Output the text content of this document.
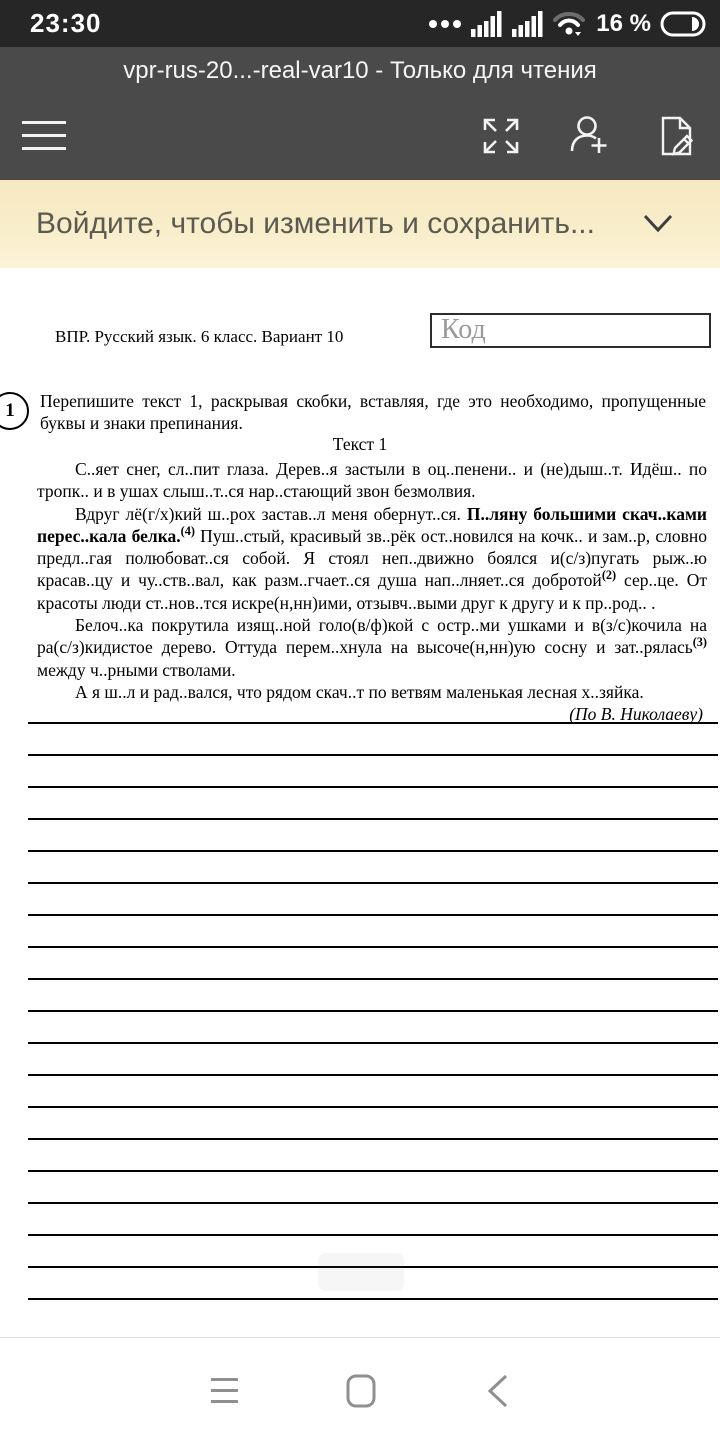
23:30	16 %
vpr-rus-20...-real-var10 - Только для чтения
Войдите, чтобы изменить и сохранить...
ВПР. Русский язык. 6 класс. Вариант 10	Код
1	Перепишите текст 1, раскрывая скобки, вставляя, где это необходимо, пропущенные буквы и знаки препинания.
Текст 1

С..яет снег, сл..пит глаза. Дерев..я застыли в оц..пенени.. и (не)дыш..т. Идёш.. по тропк.. и в ушах слыш..т..ся нар..стающий звон безмолвия.

Вдруг лё(г/х)кий ш..рох застав..л меня обернут..ся. П..ляну большими скач..ками перес..кала белка.$^{(4)}$ Пуш..стый, красивый зв..рёк ост..новился на кочк.. и зам..р, словно предл..гая полюбоват..ся собой. Я стоял неп..движно боялся и(с/з)пугать рыж..ю красав..цу и чу..ств..вал, как разм..гчает..ся душа нап..лняет..ся добротой$^{(2)}$ сер..це. От красоты люди ст..нов..тся искре(н,нн)ими, отзывч..выми друг к другу и к пр..род.. .

Белоч..ка покрутила изящ..ной голо(в/ф)кой с остр..ми ушками и в(з/с)кочила на ра(с/з)кидистое дерево. Оттуда перем..хнула на высоче(н,нн)ую сосну и зат..рялась$^{(3)}$ между ч..рными стволами.

А я ш..л и рад..вался, что рядом скач..т по ветвям маленькая лесная х..зяйка.

(По В. Николаеву)
